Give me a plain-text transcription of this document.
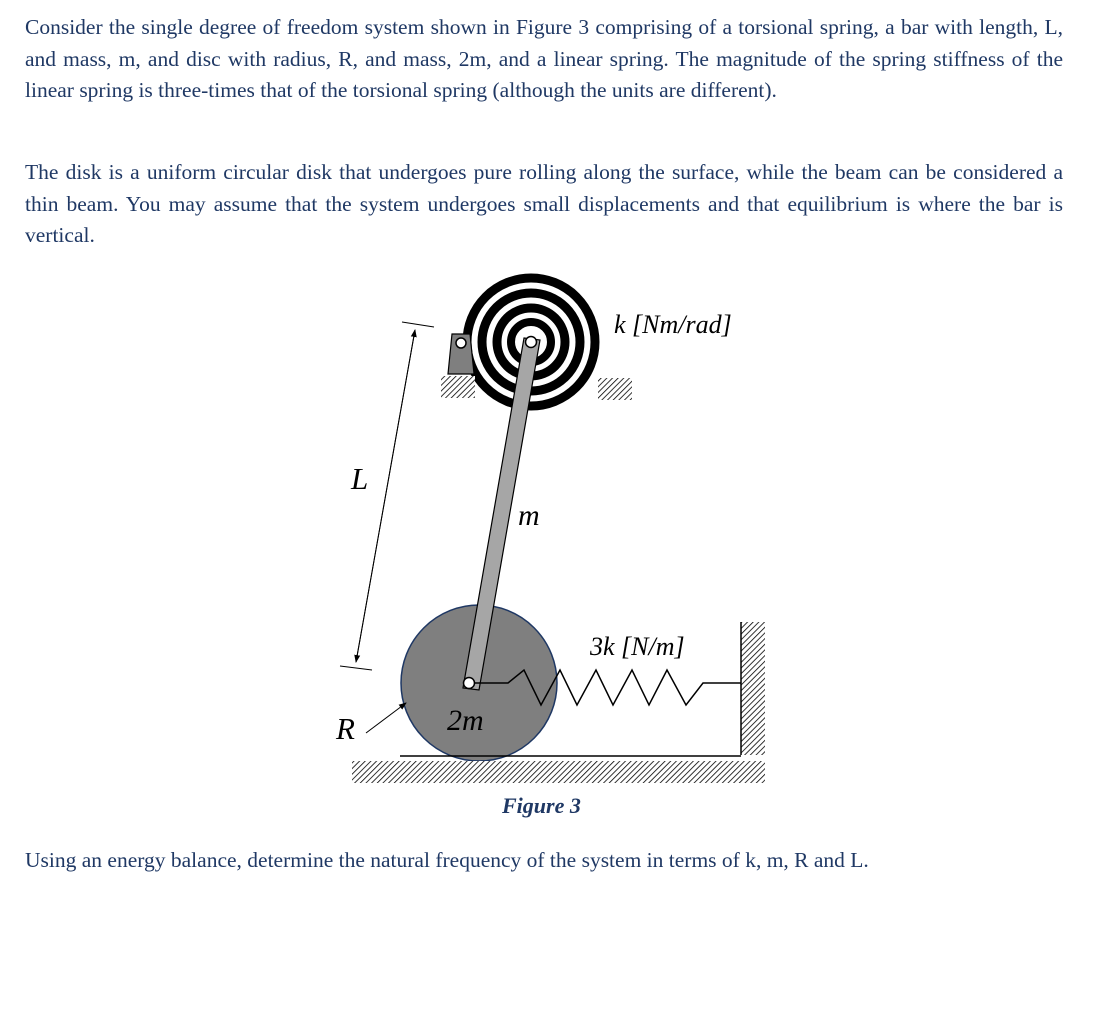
Consider the single degree of freedom system shown in Figure 3 comprising of a torsional spring, a bar with length, L, and mass, m, and disc with radius, R, and mass, 2m, and a linear spring. The magnitude of the spring stiffness of the linear spring is three-times that of the torsional spring (although the units are different).

The disk is a uniform circular disk that undergoes pure rolling along the surface, while the beam can be considered a thin beam. You may assume that the system undergoes small displacements and that equilibrium is where the bar is vertical.

k [Nm/rad]
3k [N/m]
m
2m
L
R
Figure 3

Using an energy balance, determine the natural frequency of the system in terms of k, m, R and L.
